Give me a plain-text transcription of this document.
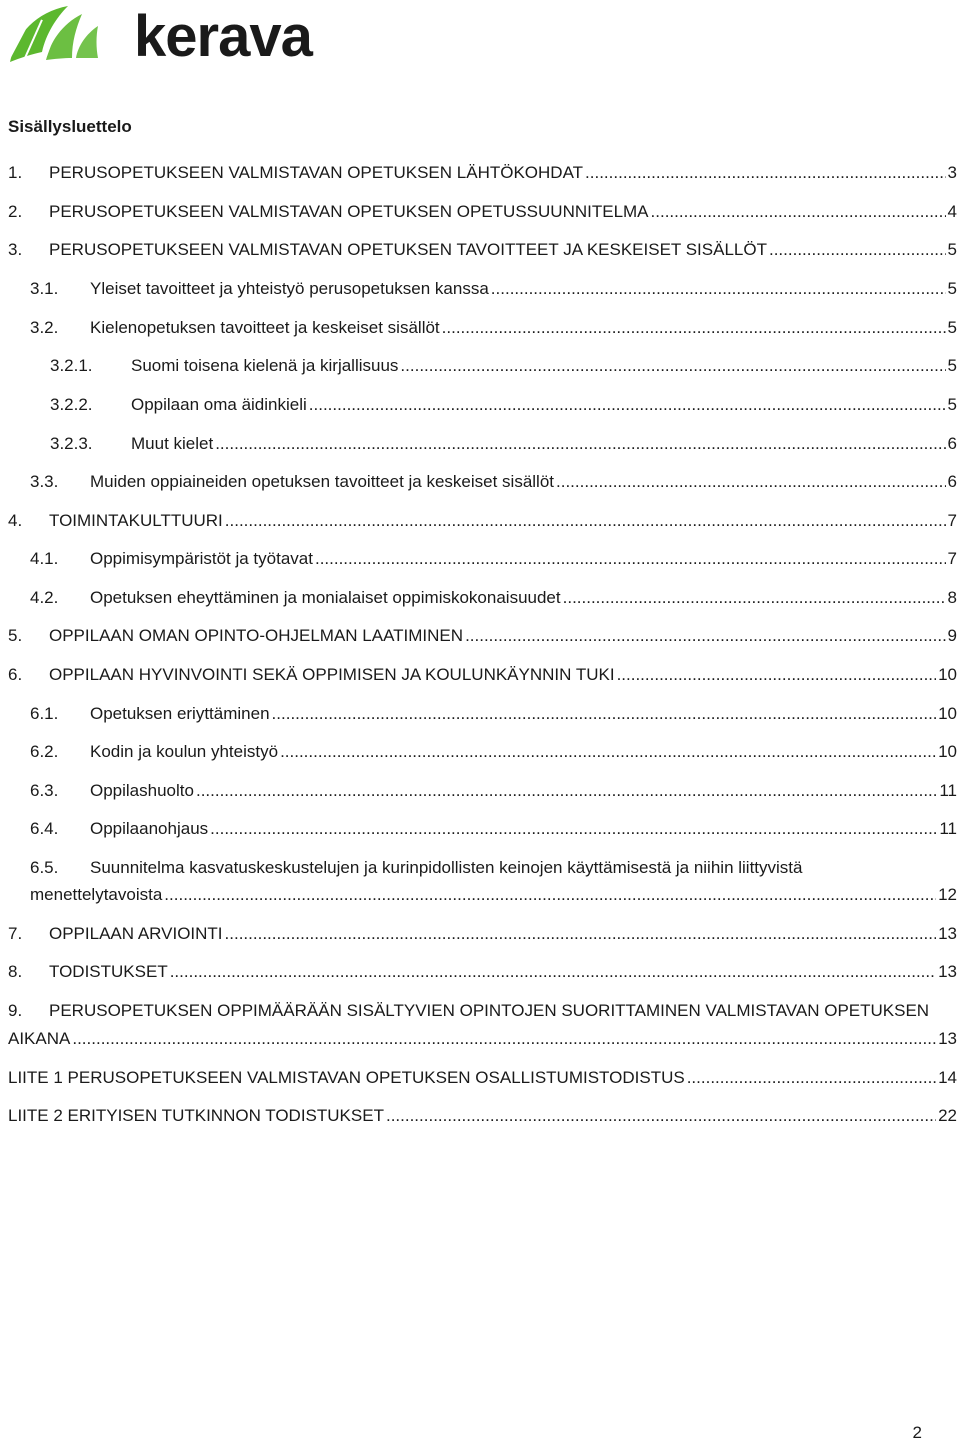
kerava
Sisällysluettelo
1.	PERUSOPETUKSEEN VALMISTAVAN OPETUKSEN LÄHTÖKOHDAT .....	3
2.	PERUSOPETUKSEEN VALMISTAVAN OPETUKSEN OPETUSSUUNNITELMA .....	4
3.	PERUSOPETUKSEEN VALMISTAVAN OPETUKSEN TAVOITTEET JA KESKEISET SISÄLLÖT .....	5
3.1.	Yleiset tavoitteet ja yhteistyö perusopetuksen kanssa .....	5
3.2.	Kielenopetuksen tavoitteet ja keskeiset sisällöt .....	5
3.2.1.	Suomi toisena kielenä ja kirjallisuus .....	5
3.2.2.	Oppilaan oma äidinkieli .....	5
3.2.3.	Muut kielet .....	6
3.3.	Muiden oppiaineiden opetuksen tavoitteet ja keskeiset sisällöt .....	6
4.	TOIMINTAKULTTUURI .....	7
4.1.	Oppimisympäristöt ja työtavat .....	7
4.2.	Opetuksen eheyttäminen ja monialaiset oppimiskokonaisuudet .....	8
5.	OPPILAAN OMAN OPINTO-OHJELMAN LAATIMINEN .....	9
6.	OPPILAAN HYVINVOINTI SEKÄ OPPIMISEN JA KOULUNKÄYNNIN TUKI .....	10
6.1.	Opetuksen eriyttäminen .....	10
6.2.	Kodin ja koulun yhteistyö .....	10
6.3.	Oppilashuolto .....	11
6.4.	Oppilaanohjaus .....	11
6.5. Suunnitelma kasvatuskeskustelujen ja kurinpidollisten keinojen käyttämisestä ja niihin liittyvistä
menettelytavoista .....	12
7.	OPPILAAN ARVIOINTI .....	13
8.	TODISTUKSET .....	13
9. PERUSOPETUKSEN OPPIMÄÄRÄÄN SISÄLTYVIEN OPINTOJEN SUORITTAMINEN VALMISTAVAN OPETUKSEN
AIKANA .....	13
LIITE 1 PERUSOPETUKSEEN VALMISTAVAN OPETUKSEN OSALLISTUMISTODISTUS .....	14
LIITE 2 ERITYISEN TUTKINNON TODISTUKSET .....	22
2
